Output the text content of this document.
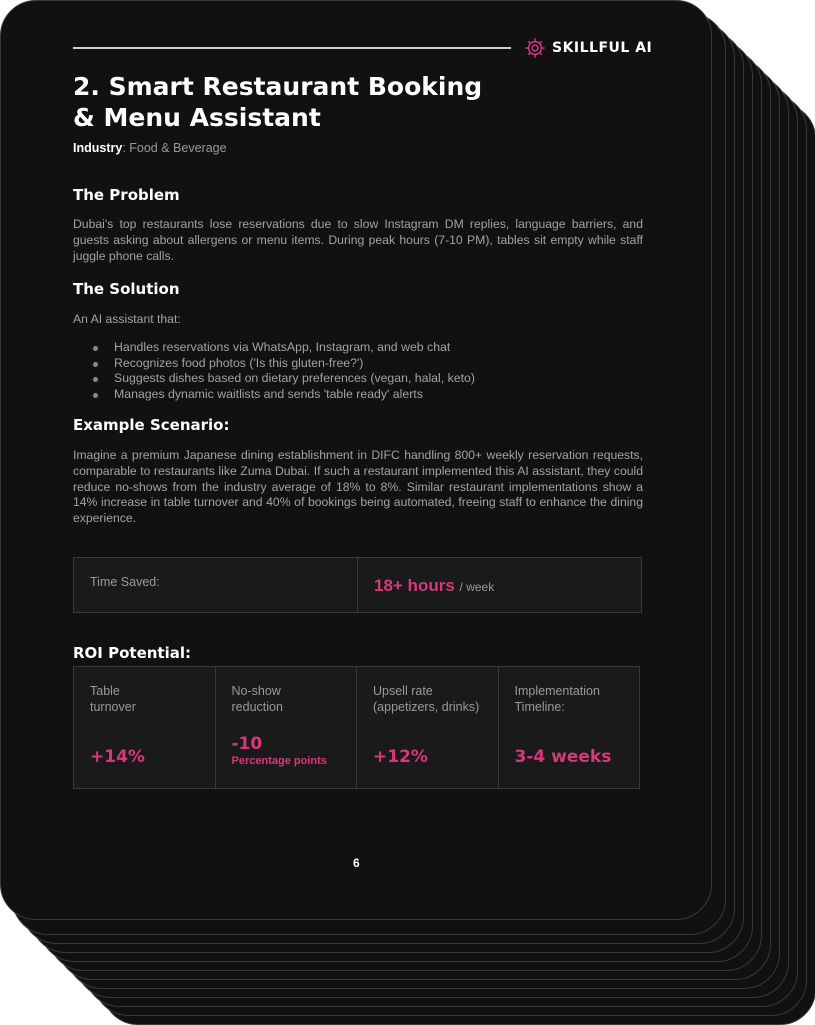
SKILLFUL AI
2. Smart Restaurant Booking
& Menu Assistant
Industry: Food & Beverage
The Problem

Dubai's top restaurants lose reservations due to slow Instagram DM replies, language barriers, and guests asking about allergens or menu items. During peak hours (7-10 PM), tables sit empty while staff juggle phone calls.

The Solution

An AI assistant that:

Handles reservations via WhatsApp, Instagram, and web chat
Recognizes food photos ('Is this gluten-free?')
Suggests dishes based on dietary preferences (vegan, halal, keto)
Manages dynamic waitlists and sends 'table ready' alerts
Example Scenario:

Imagine a premium Japanese dining establishment in DIFC handling 800+ weekly reservation requests, comparable to restaurants like Zuma Dubai. If such a restaurant implemented this AI assistant, they could reduce no-shows from the industry average of 18% to 8%. Similar restaurant implementations show a 14% increase in table turnover and 40% of bookings being automated, freeing staff to enhance the dining experience.

Time Saved:	18+ hours / week
ROI Potential:
Table turnover
+14%
No-show reduction
-10
Percentage points
Upsell rate (appetizers, drinks)
+12%
Implementation Timeline:
3-4 weeks
6
